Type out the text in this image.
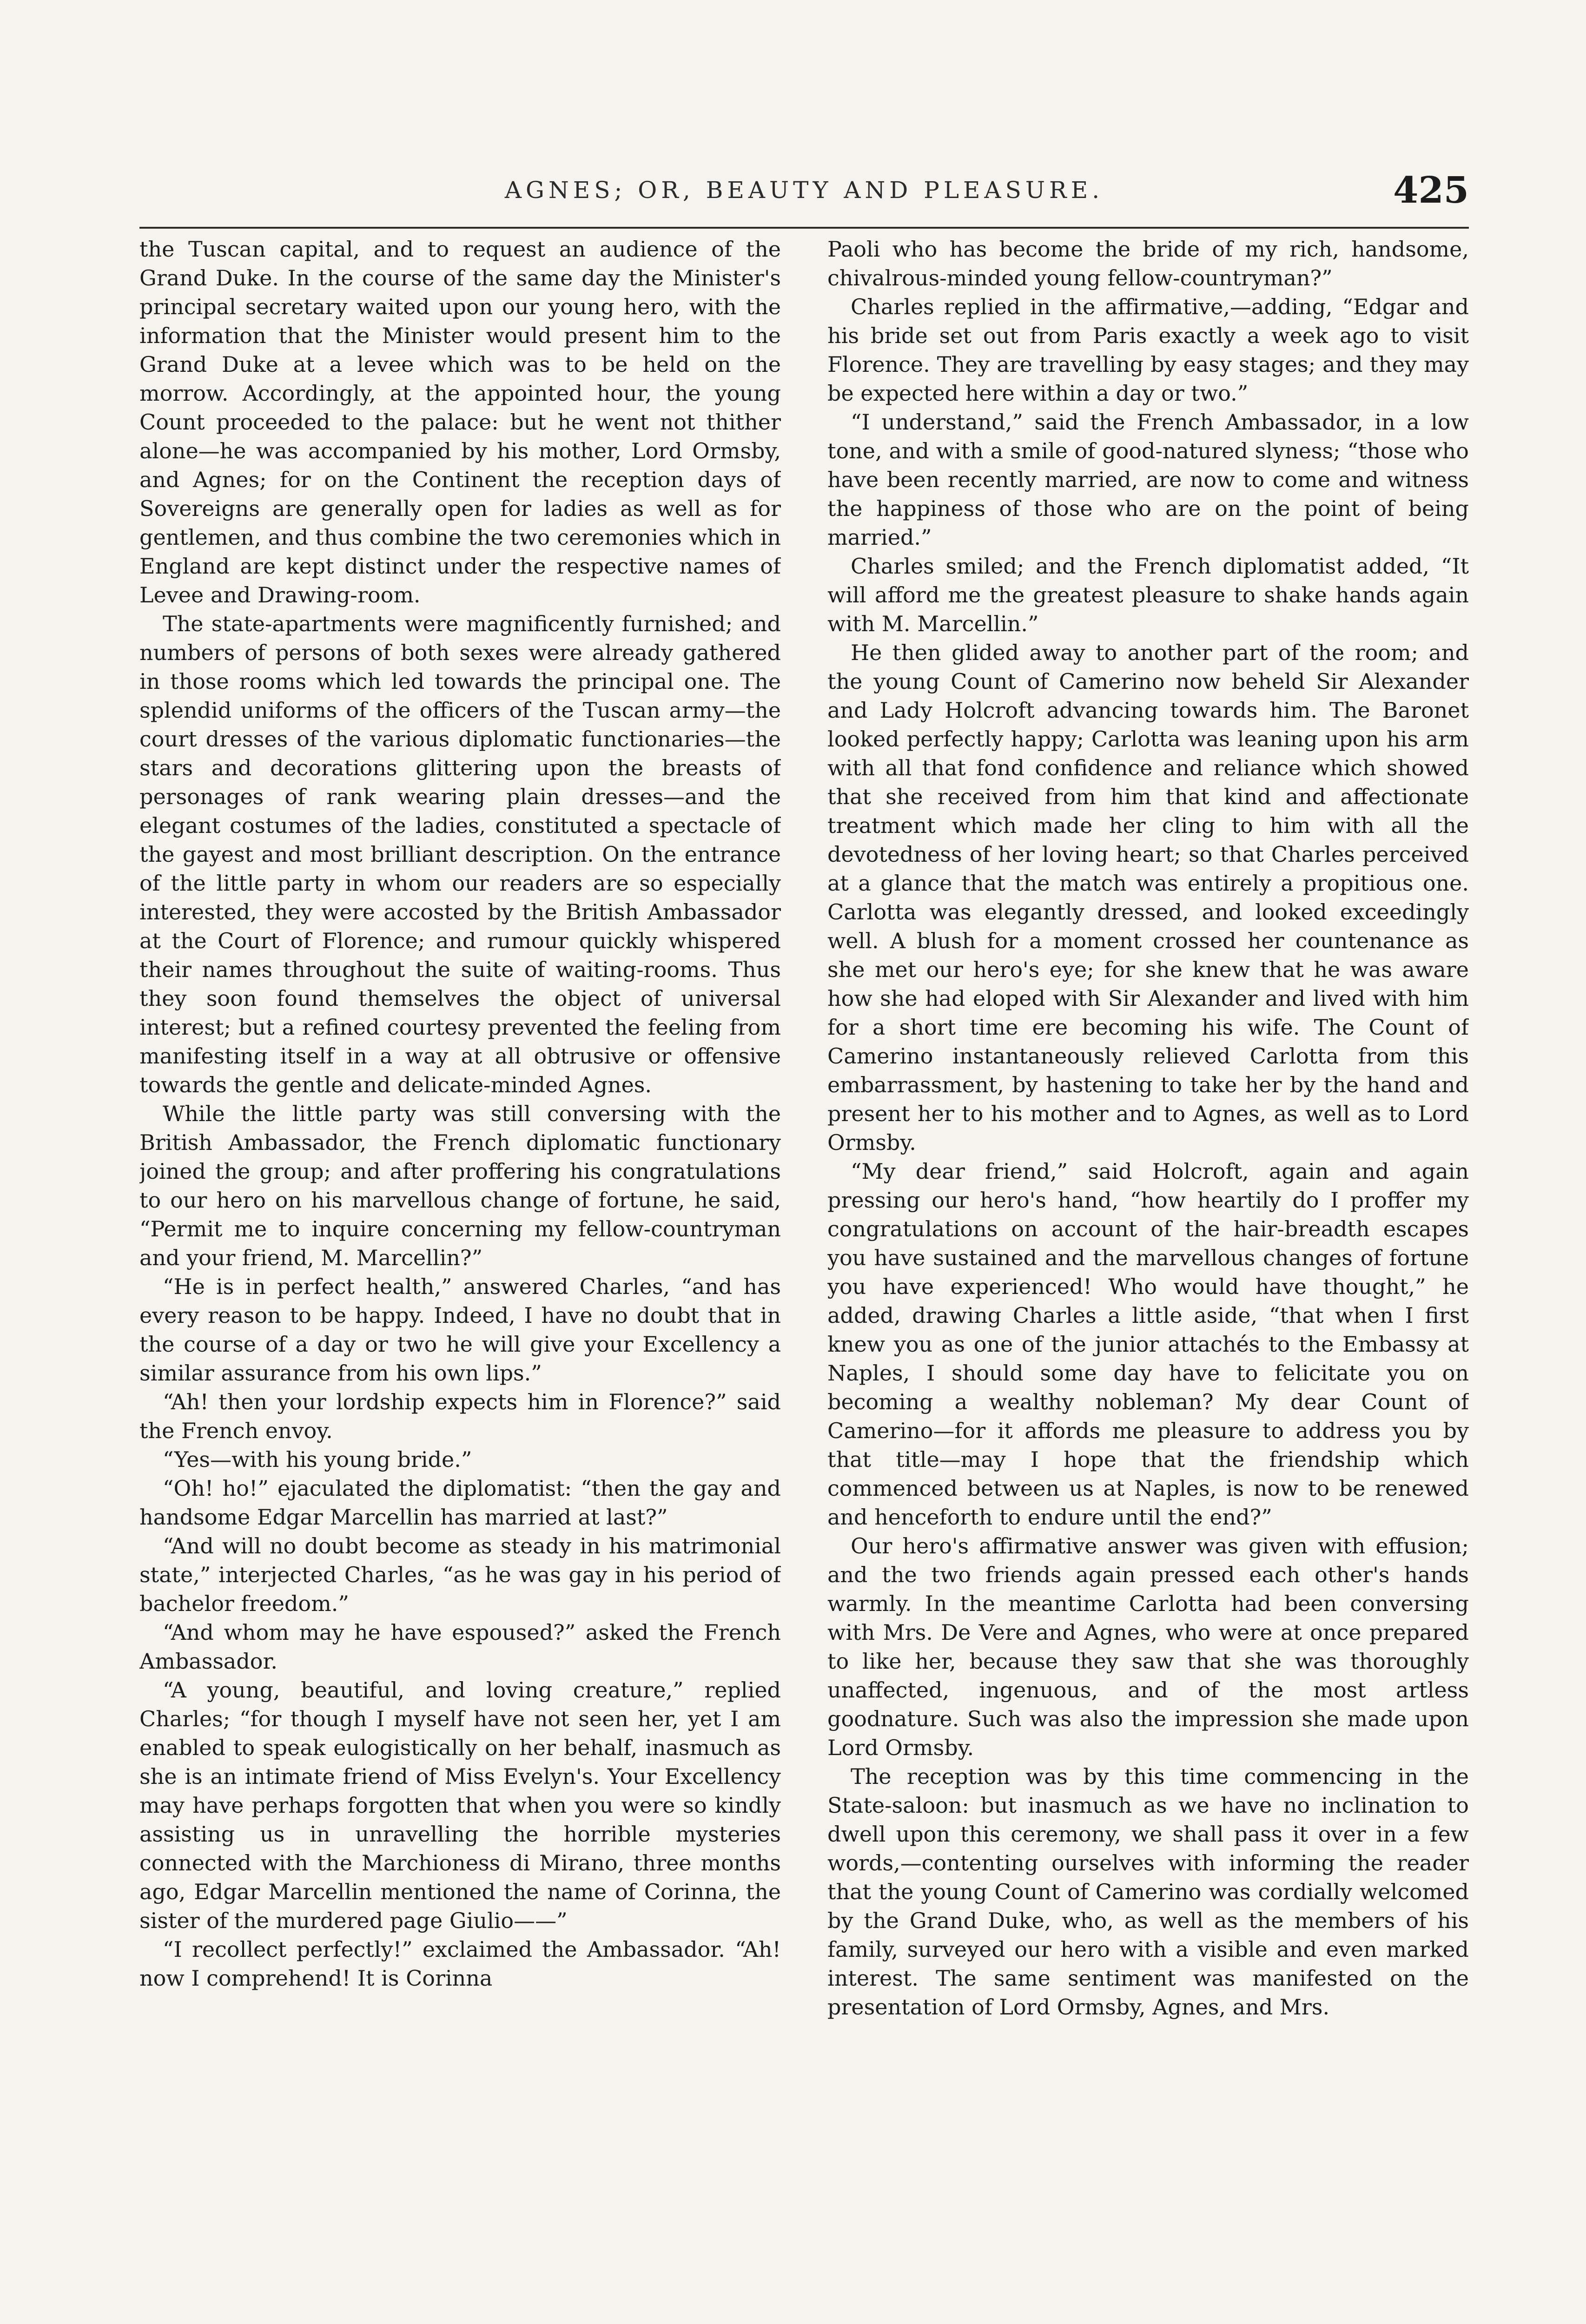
AGNES; OR, BEAUTY AND PLEASURE.	425

the Tuscan capital, and to request an audience of the Grand Duke. In the course of the same day the Minister's principal secretary waited upon our young hero, with the information that the Minister would present him to the Grand Duke at a levee which was to be held on the morrow. Accordingly, at the appointed hour, the young Count proceeded to the palace: but he went not thither alone—he was accompanied by his mother, Lord Ormsby, and Agnes; for on the Continent the reception days of Sovereigns are generally open for ladies as well as for gentlemen, and thus combine the two ceremonies which in England are kept distinct under the respective names of Levee and Drawing-room.

The state-apartments were magnificently furnished; and numbers of persons of both sexes were already gathered in those rooms which led towards the principal one. The splendid uniforms of the officers of the Tuscan army—the court dresses of the various diplomatic functionaries—the stars and decorations glittering upon the breasts of personages of rank wearing plain dresses—and the elegant costumes of the ladies, constituted a spectacle of the gayest and most brilliant description. On the entrance of the little party in whom our readers are so especially interested, they were accosted by the British Ambassador at the Court of Florence; and rumour quickly whispered their names throughout the suite of waiting-rooms. Thus they soon found themselves the object of universal interest; but a refined courtesy prevented the feeling from manifesting itself in a way at all obtrusive or offensive towards the gentle and delicate-minded Agnes.

While the little party was still conversing with the British Ambassador, the French diplomatic functionary joined the group; and after proffering his congratulations to our hero on his marvellous change of fortune, he said, “Permit me to inquire concerning my fellow-countryman and your friend, M. Marcellin?”

“He is in perfect health,” answered Charles, “and has every reason to be happy. Indeed, I have no doubt that in the course of a day or two he will give your Excellency a similar assurance from his own lips.”

“Ah! then your lordship expects him in Florence?” said the French envoy.

“Yes—with his young bride.”

“Oh! ho!” ejaculated the diplomatist: “then the gay and handsome Edgar Marcellin has married at last?”

“And will no doubt become as steady in his matrimonial state,” interjected Charles, “as he was gay in his period of bachelor freedom.”

“And whom may he have espoused?” asked the French Ambassador.

“A young, beautiful, and loving creature,” replied Charles; “for though I myself have not seen her, yet I am enabled to speak eulogistically on her behalf, inasmuch as she is an intimate friend of Miss Evelyn's. Your Excellency may have perhaps forgotten that when you were so kindly assisting us in unravelling the horrible mysteries connected with the Marchioness di Mirano, three months ago, Edgar Marcellin mentioned the name of Corinna, the sister of the murdered page Giulio——”

“I recollect perfectly!” exclaimed the Ambassador. “Ah! now I comprehend! It is Corinna

Paoli who has become the bride of my rich, handsome, chivalrous-minded young fellow-countryman?”

Charles replied in the affirmative,—adding, “Edgar and his bride set out from Paris exactly a week ago to visit Florence. They are travelling by easy stages; and they may be expected here within a day or two.”

“I understand,” said the French Ambassador, in a low tone, and with a smile of good-natured slyness; “those who have been recently married, are now to come and witness the happiness of those who are on the point of being married.”

Charles smiled; and the French diplomatist added, “It will afford me the greatest pleasure to shake hands again with M. Marcellin.”

He then glided away to another part of the room; and the young Count of Camerino now beheld Sir Alexander and Lady Holcroft advancing towards him. The Baronet looked perfectly happy; Carlotta was leaning upon his arm with all that fond confidence and reliance which showed that she received from him that kind and affectionate treatment which made her cling to him with all the devotedness of her loving heart; so that Charles perceived at a glance that the match was entirely a propitious one. Carlotta was elegantly dressed, and looked exceedingly well. A blush for a moment crossed her countenance as she met our hero's eye; for she knew that he was aware how she had eloped with Sir Alexander and lived with him for a short time ere becoming his wife. The Count of Camerino instantaneously relieved Carlotta from this embarrassment, by hastening to take her by the hand and present her to his mother and to Agnes, as well as to Lord Ormsby.

“My dear friend,” said Holcroft, again and again pressing our hero's hand, “how heartily do I proffer my congratulations on account of the hair-breadth escapes you have sustained and the marvellous changes of fortune you have experienced! Who would have thought,” he added, drawing Charles a little aside, “that when I first knew you as one of the junior attachés to the Embassy at Naples, I should some day have to felicitate you on becoming a wealthy nobleman? My dear Count of Camerino—for it affords me pleasure to address you by that title—may I hope that the friendship which commenced between us at Naples, is now to be renewed and henceforth to endure until the end?”

Our hero's affirmative answer was given with effusion; and the two friends again pressed each other's hands warmly. In the meantime Carlotta had been conversing with Mrs. De Vere and Agnes, who were at once prepared to like her, because they saw that she was thoroughly unaffected, ingenuous, and of the most artless goodnature. Such was also the impression she made upon Lord Ormsby.

The reception was by this time commencing in the State-saloon: but inasmuch as we have no inclination to dwell upon this ceremony, we shall pass it over in a few words,—contenting ourselves with informing the reader that the young Count of Camerino was cordially welcomed by the Grand Duke, who, as well as the members of his family, surveyed our hero with a visible and even marked interest. The same sentiment was manifested on the presentation of Lord Ormsby, Agnes, and Mrs.
